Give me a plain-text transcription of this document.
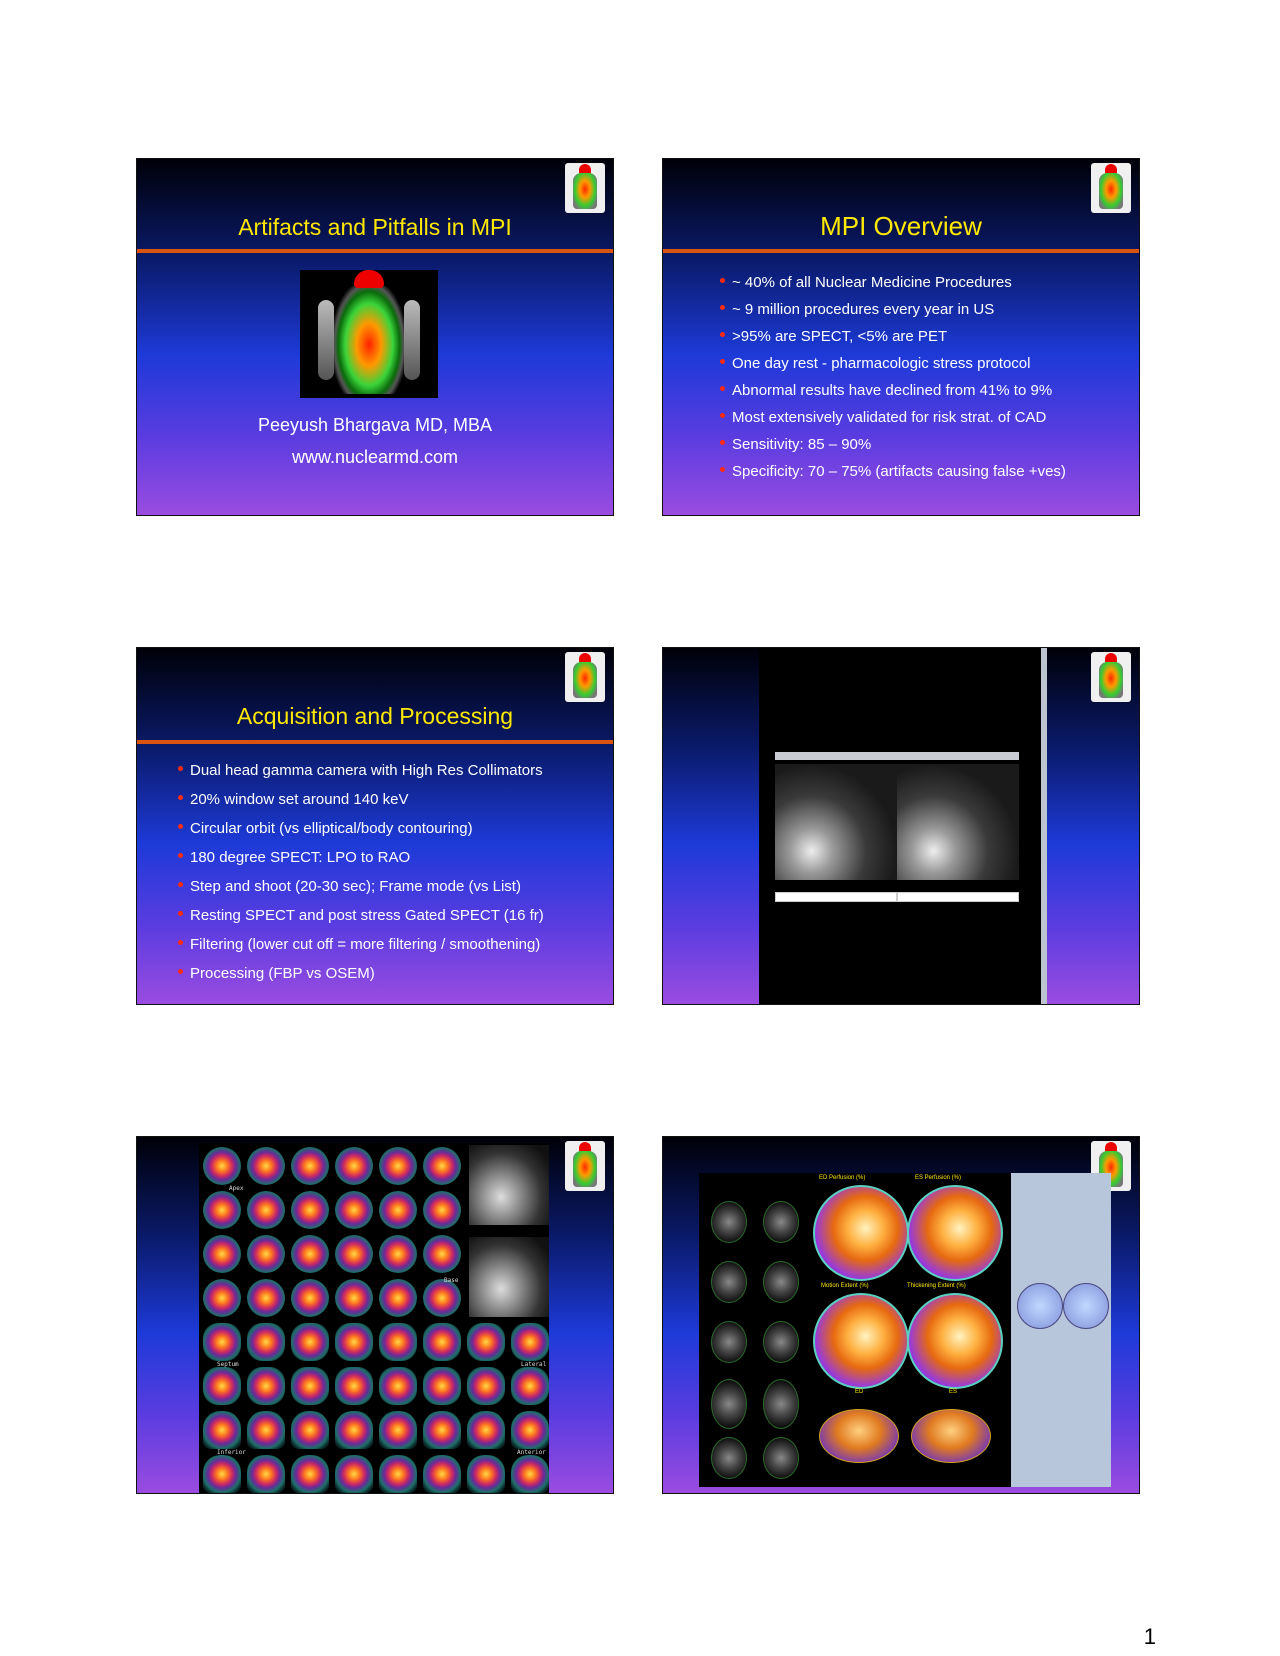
Artifacts and Pitfalls in MPI
Peeyush Bhargava MD, MBA
www.nuclearmd.com
MPI Overview
~ 40% of all Nuclear Medicine Procedures
~ 9 million procedures every year in US
>95% are SPECT, <5% are PET
One day rest - pharmacologic stress protocol
Abnormal results have declined from 41% to 9%
Most extensively validated for risk strat. of CAD
Sensitivity: 85 – 90%
Specificity: 70 – 75% (artifacts causing false +ves)
Acquisition and Processing
Dual head gamma camera with High Res Collimators
20% window set around 140 keV
Circular orbit (vs elliptical/body contouring)
180 degree SPECT: LPO to RAO
Step and shoot (20-30 sec); Frame mode (vs List)
Resting SPECT and post stress Gated SPECT (16 fr)
Filtering (lower cut off = more filtering / smoothening)
Processing (FBP vs OSEM)
Apex
Base
Septum	Lateral
Inferior	Anterior
ED Perfusion (%)	ES Perfusion (%)
Motion Extent (%)	Thickening Extent (%)
ED	ES
1
